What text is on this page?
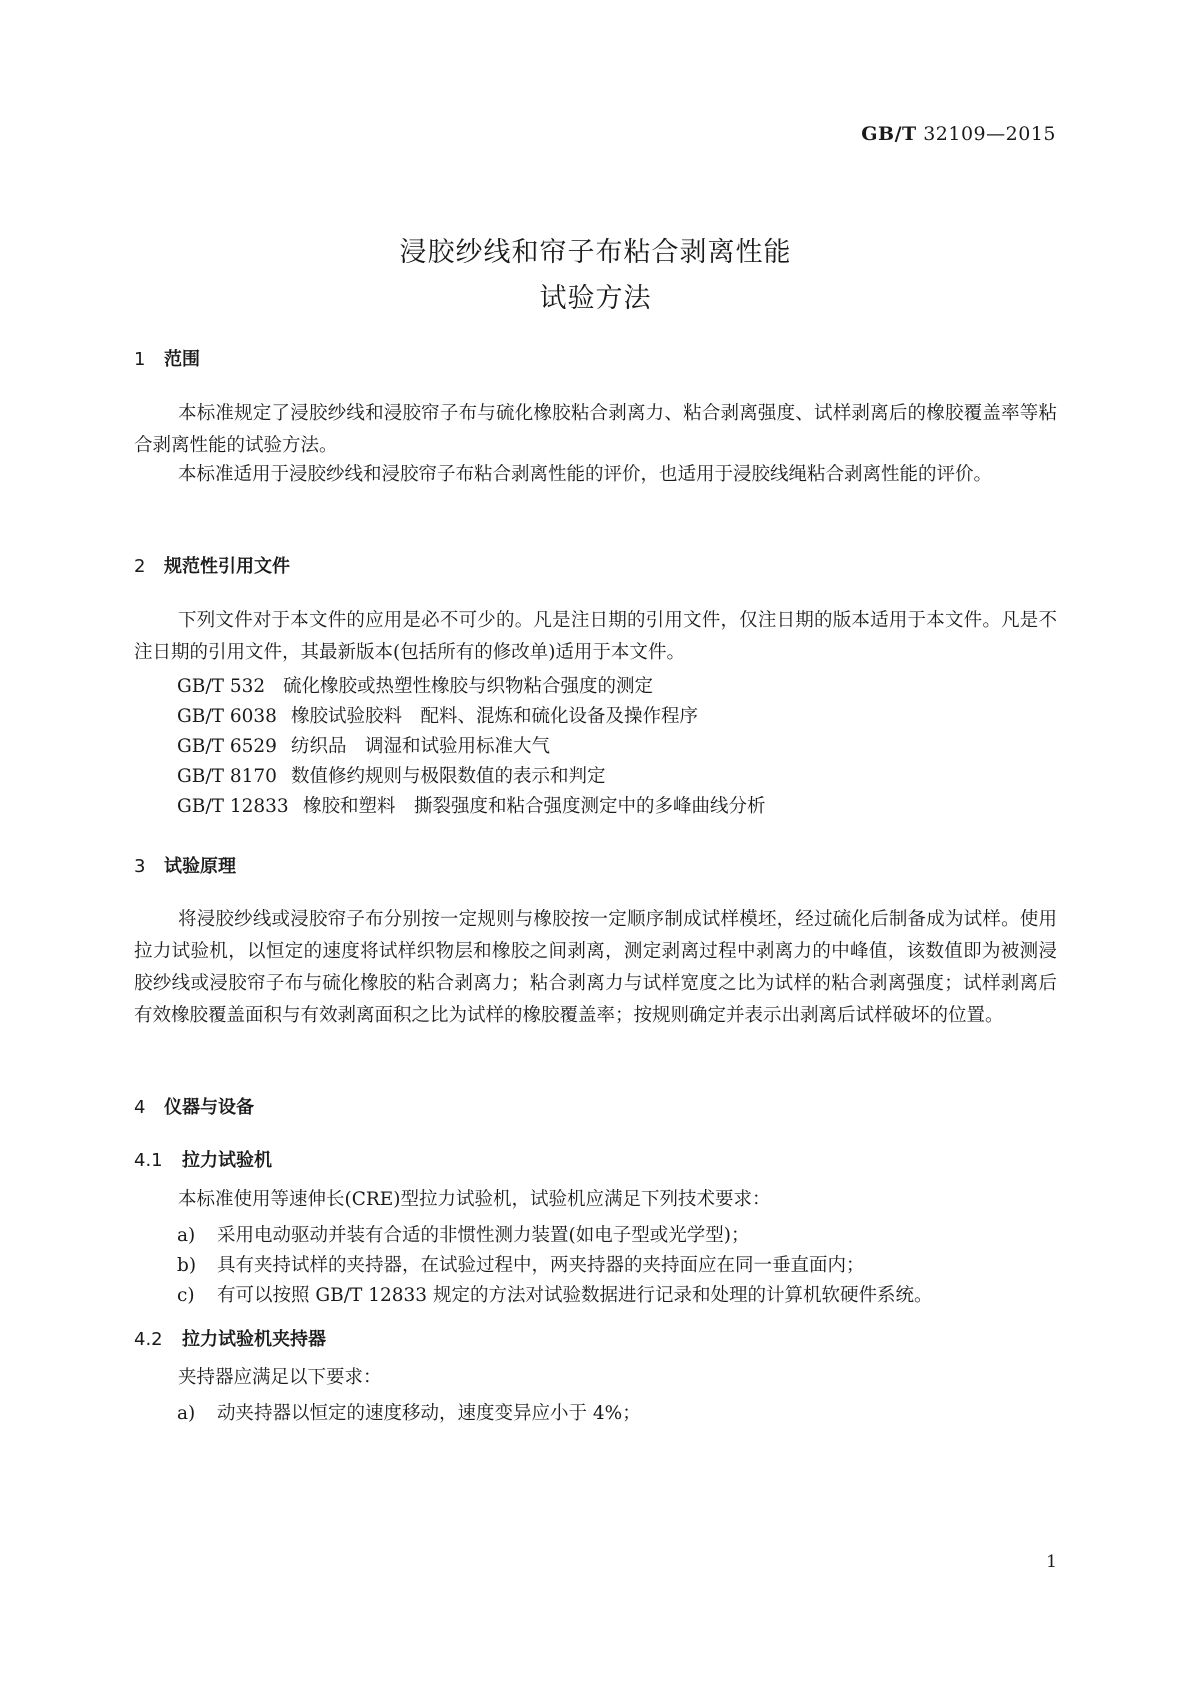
GB/T 32109—2015
浸胶纱线和帘子布粘合剥离性能
试验方法
1 范围

本标准规定了浸胶纱线和浸胶帘子布与硫化橡胶粘合剥离力、粘合剥离强度、试样剥离后的橡胶覆盖率等粘合剥离性能的试验方法。

本标准适用于浸胶纱线和浸胶帘子布粘合剥离性能的评价，也适用于浸胶线绳粘合剥离性能的评价。

2 规范性引用文件

下列文件对于本文件的应用是必不可少的。凡是注日期的引用文件，仅注日期的版本适用于本文件。凡是不注日期的引用文件，其最新版本(包括所有的修改单)适用于本文件。

GB/T 532 硫化橡胶或热塑性橡胶与织物粘合强度的测定
GB/T 6038 橡胶试验胶料　配料、混炼和硫化设备及操作程序
GB/T 6529 纺织品　调湿和试验用标准大气
GB/T 8170 数值修约规则与极限数值的表示和判定
GB/T 12833 橡胶和塑料　撕裂强度和粘合强度测定中的多峰曲线分析
3 试验原理

将浸胶纱线或浸胶帘子布分别按一定规则与橡胶按一定顺序制成试样模坯，经过硫化后制备成为试样。使用拉力试验机，以恒定的速度将试样织物层和橡胶之间剥离，测定剥离过程中剥离力的中峰值，该数值即为被测浸胶纱线或浸胶帘子布与硫化橡胶的粘合剥离力；粘合剥离力与试样宽度之比为试样的粘合剥离强度；试样剥离后有效橡胶覆盖面积与有效剥离面积之比为试样的橡胶覆盖率；按规则确定并表示出剥离后试样破坏的位置。

4 仪器与设备
4.1 拉力试验机

本标准使用等速伸长(CRE)型拉力试验机，试验机应满足下列技术要求：

a) 采用电动驱动并装有合适的非惯性测力装置(如电子型或光学型)；
b) 具有夹持试样的夹持器，在试验过程中，两夹持器的夹持面应在同一垂直面内；
c) 有可以按照 GB/T 12833 规定的方法对试验数据进行记录和处理的计算机软硬件系统。
4.2 拉力试验机夹持器

夹持器应满足以下要求：

a) 动夹持器以恒定的速度移动，速度变异应小于 4%；
1
